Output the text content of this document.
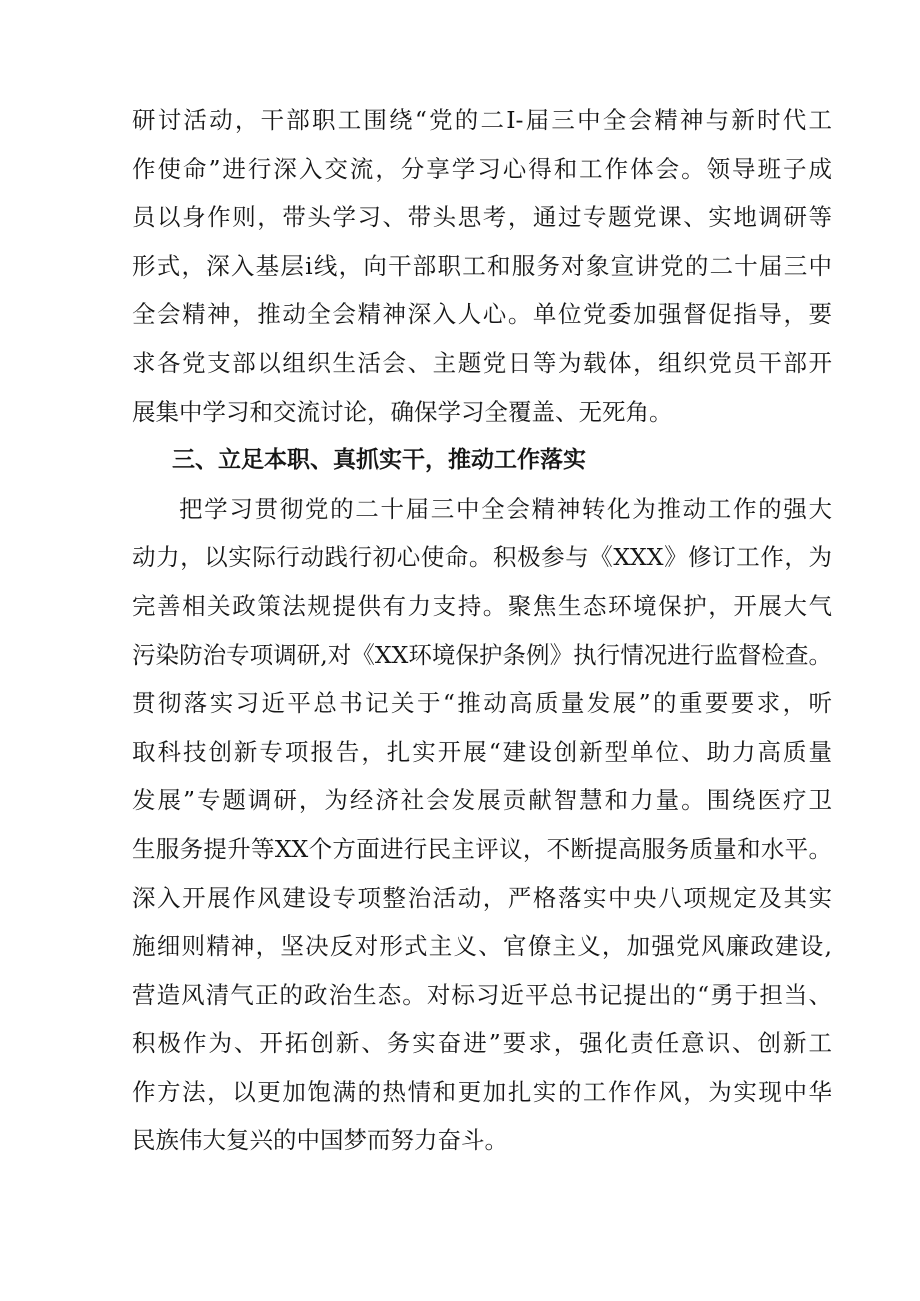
研讨活动，干部职工围绕“党的二I-届三中全会精神与新时代工
作使命”进行深入交流，分享学习心得和工作体会。领导班子成
员以身作则，带头学习、带头思考，通过专题党课、实地调研等
形式，深入基层i线，向干部职工和服务对象宣讲党的二十届三中
全会精神，推动全会精神深入人心。单位党委加强督促指导，要
求各党支部以组织生活会、主题党日等为载体，组织党员干部开
展集中学习和交流讨论，确保学习全覆盖、无死角。
三、立足本职、真抓实干，推动工作落实
把学习贯彻党的二十届三中全会精神转化为推动工作的强大
动力，以实际行动践行初心使命。积极参与《XXX》修订工作，为
完善相关政策法规提供有力支持。聚焦生态环境保护，开展大气
污染防治专项调研,对《XX环境保护条例》执行情况进行监督检查。
贯彻落实习近平总书记关于“推动高质量发展”的重要要求，听
取科技创新专项报告，扎实开展“建设创新型单位、助力高质量
发展”专题调研，为经济社会发展贡献智慧和力量。围绕医疗卫
生服务提升等XX个方面进行民主评议，不断提高服务质量和水平。
深入开展作风建设专项整治活动，严格落实中央八项规定及其实
施细则精神，坚决反对形式主义、官僚主义，加强党风廉政建设,
营造风清气正的政治生态。对标习近平总书记提出的“勇于担当、
积极作为、开拓创新、务实奋进”要求，强化责任意识、创新工
作方法，以更加饱满的热情和更加扎实的工作作风，为实现中华
民族伟大复兴的中国梦而努力奋斗。
